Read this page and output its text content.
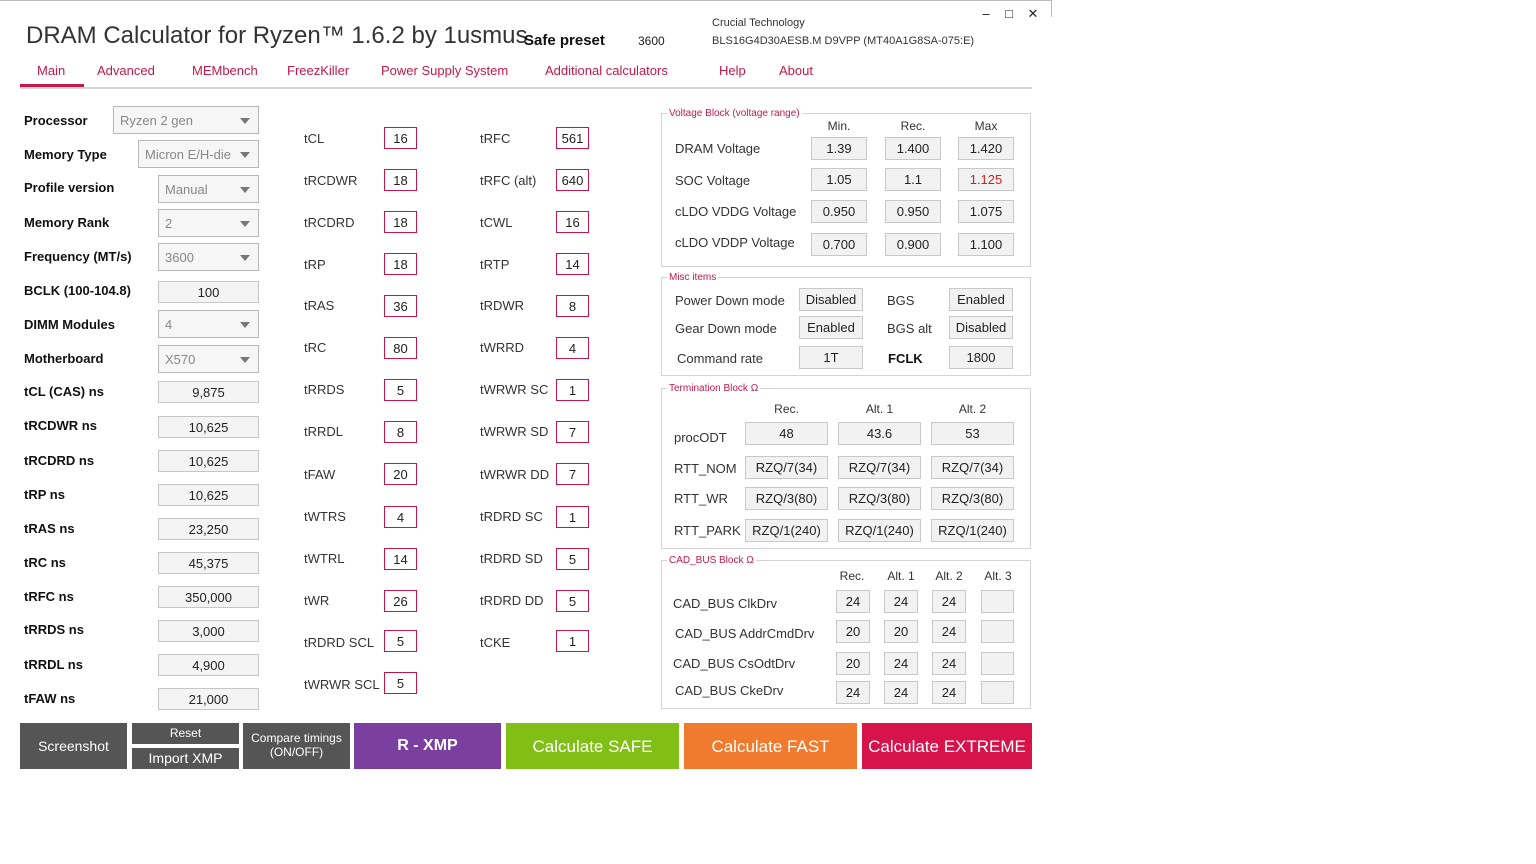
DRAM Calculator for Ryzen™ 1.6.2 by 1usmus
Safe preset	3600
Crucial Technology
BLS16G4D30AESB.M D9VPP (MT40A1G8SA-075:E)
–	□	✕
Main Advanced	MEMbench FreezKiller Power Supply System	Additional calculators	Help	About
Processor	Ryzen 2 gen
Memory Type	Micron E/H-die
Profile version	Manual
Memory Rank	2
Frequency (MT/s)	3600
BCLK (100-104.8)	100
DIMM Modules	4
Motherboard	X570
tCL (CAS) ns	9,875
tRCDWR ns	10,625
tRCDRD ns	10,625
tRP ns	10,625
tRAS ns	23,250
tRC ns	45,375
tRFC ns	350,000
tRRDS ns	3,000
tRRDL ns	4,900
tFAW ns	21,000
tCL	16
tRCDWR	18
tRCDRD	18
tRP	18
tRAS	36
tRC	80
tRRDS	5
tRRDL	8
tFAW	20
tWTRS	4
tWTRL	14
tWR	26
tRDRD SCL	5
tWRWR SCL	5
tRFC	561
tRFC (alt)	640
tCWL	16
tRTP	14
tRDWR	8
tWRRD	4
tWRWR SC	1
tWRWR SD	7
tWRWR DD	7
tRDRD SC	1
tRDRD SD	5
tRDRD DD	5
tCKE	1
Voltage Block (voltage range)
Min.	Rec.	Max
DRAM Voltage	1.39	1.400	1.420
SOC Voltage	1.05	1.1	1.125
cLDO VDDG Voltage	0.950	0.950	1.075
cLDO VDDP Voltage	0.700	0.900	1.100
Misc items
Power Down mode	Disabled	BGS	Enabled
Gear Down mode	Enabled	BGS alt	Disabled
Command rate	1T	FCLK	1800
Termination Block Ω
Rec.	Alt. 1	Alt. 2
procODT	48	43.6	53
RTT_NOM	RZQ/7(34)	RZQ/7(34)	RZQ/7(34)
RTT_WR	RZQ/3(80)	RZQ/3(80)	RZQ/3(80)
RTT_PARK RZQ/1(240)	RZQ/1(240)	RZQ/1(240)
CAD_BUS Block Ω
Rec.	Alt. 1	Alt. 2	Alt. 3
CAD_BUS ClkDrv	24	24	24
CAD_BUS AddrCmdDrv	20	20	24
CAD_BUS CsOdtDrv	20	24	24
CAD_BUS CkeDrv	24	24	24
Screenshot
Reset
Import XMP
Compare timings
(ON/OFF)	R - XMP	Calculate SAFE	Calculate FAST	Calculate EXTREME
